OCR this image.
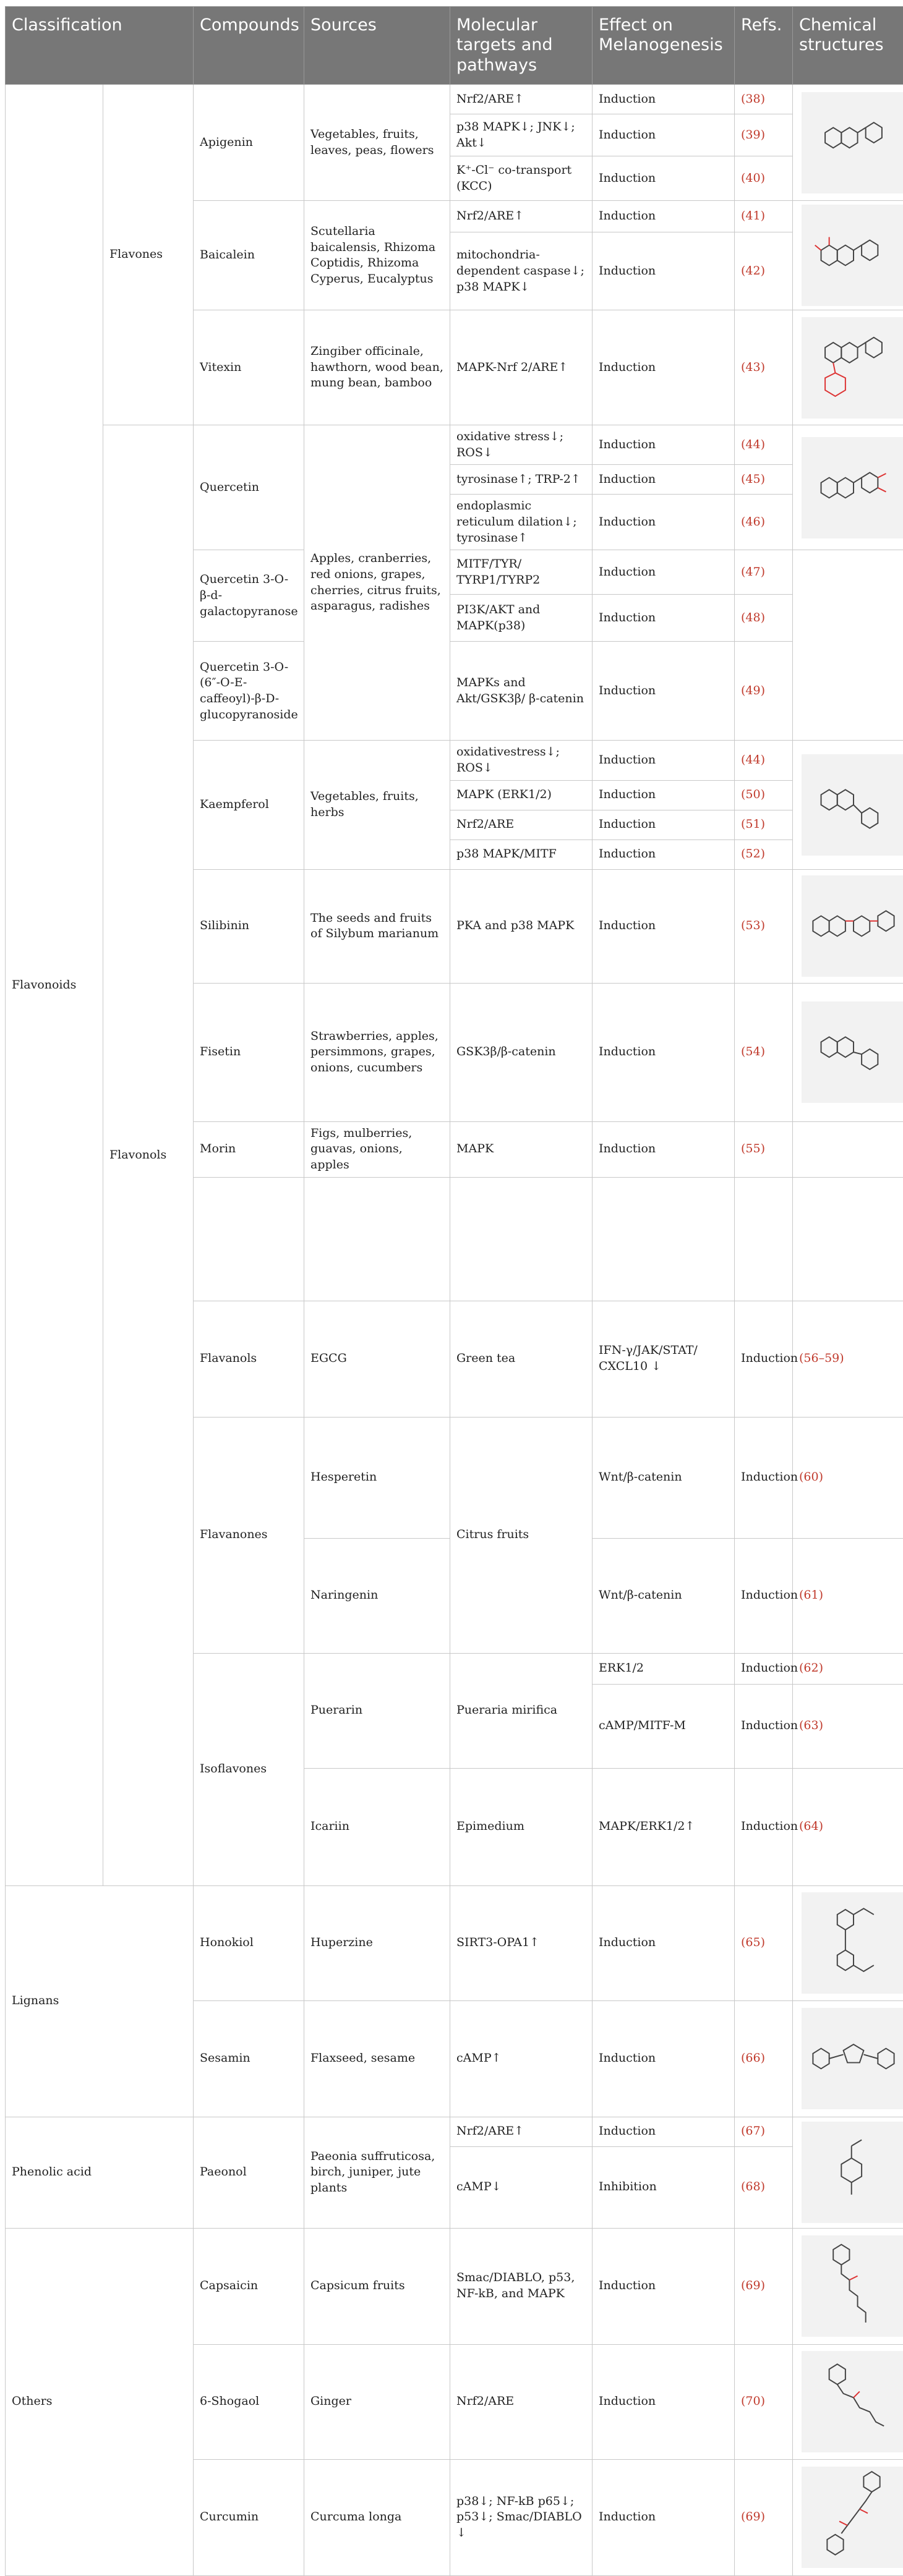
Classification		Compounds	Sources	Molecular targets and pathways	Effect on Melanogenesis	Refs.	Chemical structures	
Flavonoids	Flavones	Apigenin	Vegetables, fruits, leaves, peas, flowers	Nrf2/ARE↑	Induction	(38)	

				p38 MAPK↓; JNK↓; Akt↓	Induction	(39)		
				K⁺-Cl⁻ co-transport (KCC)	Induction	(40)		
		Baicalein	Scutellaria baicalensis, Rhizoma Coptidis, Rhizoma Cyperus, Eucalyptus	Nrf2/ARE↑	Induction	(41)	

				mitochondria-dependent caspase↓; p38 MAPK↓	Induction	(42)		
		Vitexin	Zingiber officinale, hawthorn, wood bean, mung bean, bamboo	MAPK-Nrf 2/ARE↑	Induction	(43)	

	Flavonols	Quercetin	Apples, cranberries, red onions, grapes, cherries, citrus fruits, asparagus, radishes	oxidative stress↓; ROS↓	Induction	(44)	

				tyrosinase↑; TRP-2↑	Induction	(45)		
				endoplasmic reticulum dilation↓; tyrosinase↑	Induction	(46)		
		Quercetin 3-O-β-d-galactopyranose		MITF/TYR/ TYRP1/TYRP2	Induction	(47)		
				PI3K/AKT and MAPK(p38)	Induction	(48)		
		Quercetin 3-O-(6″-O-E-caffeoyl)-β-D-glucopyranoside		MAPKs and Akt/GSK3β/ β-catenin	Induction	(49)		
		Kaempferol	Vegetables, fruits, herbs	oxidativestress↓; ROS↓	Induction	(44)	

				MAPK (ERK1/2)	Induction	(50)		
				Nrf2/ARE	Induction	(51)		
				p38 MAPK/MITF	Induction	(52)		
		Silibinin	The seeds and fruits of Silybum marianum	PKA and p38 MAPK	Induction	(53)	

		Fisetin	Strawberries, apples, persimmons, grapes, onions, cucumbers	GSK3β/β-catenin	Induction	(54)	

		Morin	Figs, mulberries, guavas, onions, apples	MAPK	Induction	(55)		

		Flavanols	EGCG	Green tea	IFN-γ/JAK/STAT/ CXCL10 ↓	Induction	(56–59)	

		Flavanones	Hesperetin	Citrus fruits	Wnt/β-catenin	Induction	(60)	

			Naringenin		Wnt/β-catenin	Induction	(61)	

		Isoflavones	Puerarin	Pueraria mirifica	ERK1/2	Induction	(62)	

					cAMP/MITF-M	Induction	(63)	
			Icariin	Epimedium	MAPK/ERK1/2↑	Induction	(64)	

Lignans		Honokiol	Huperzine	SIRT3-OPA1↑	Induction	(65)	

		Sesamin	Flaxseed, sesame	cAMP↑	Induction	(66)	

Phenolic acid		Paeonol	Paeonia suffruticosa, birch, juniper, jute plants	Nrf2/ARE↑	Induction	(67)	

				cAMP↓	Inhibition	(68)		
Others		Capsaicin	Capsicum fruits	Smac/DIABLO, p53, NF-kB, and MAPK	Induction	(69)	

		6-Shogaol	Ginger	Nrf2/ARE	Induction	(70)	

		Curcumin	Curcuma longa	p38↓; NF-kB p65↓; p53↓; Smac/DIABLO ↓	Induction	(69)	
